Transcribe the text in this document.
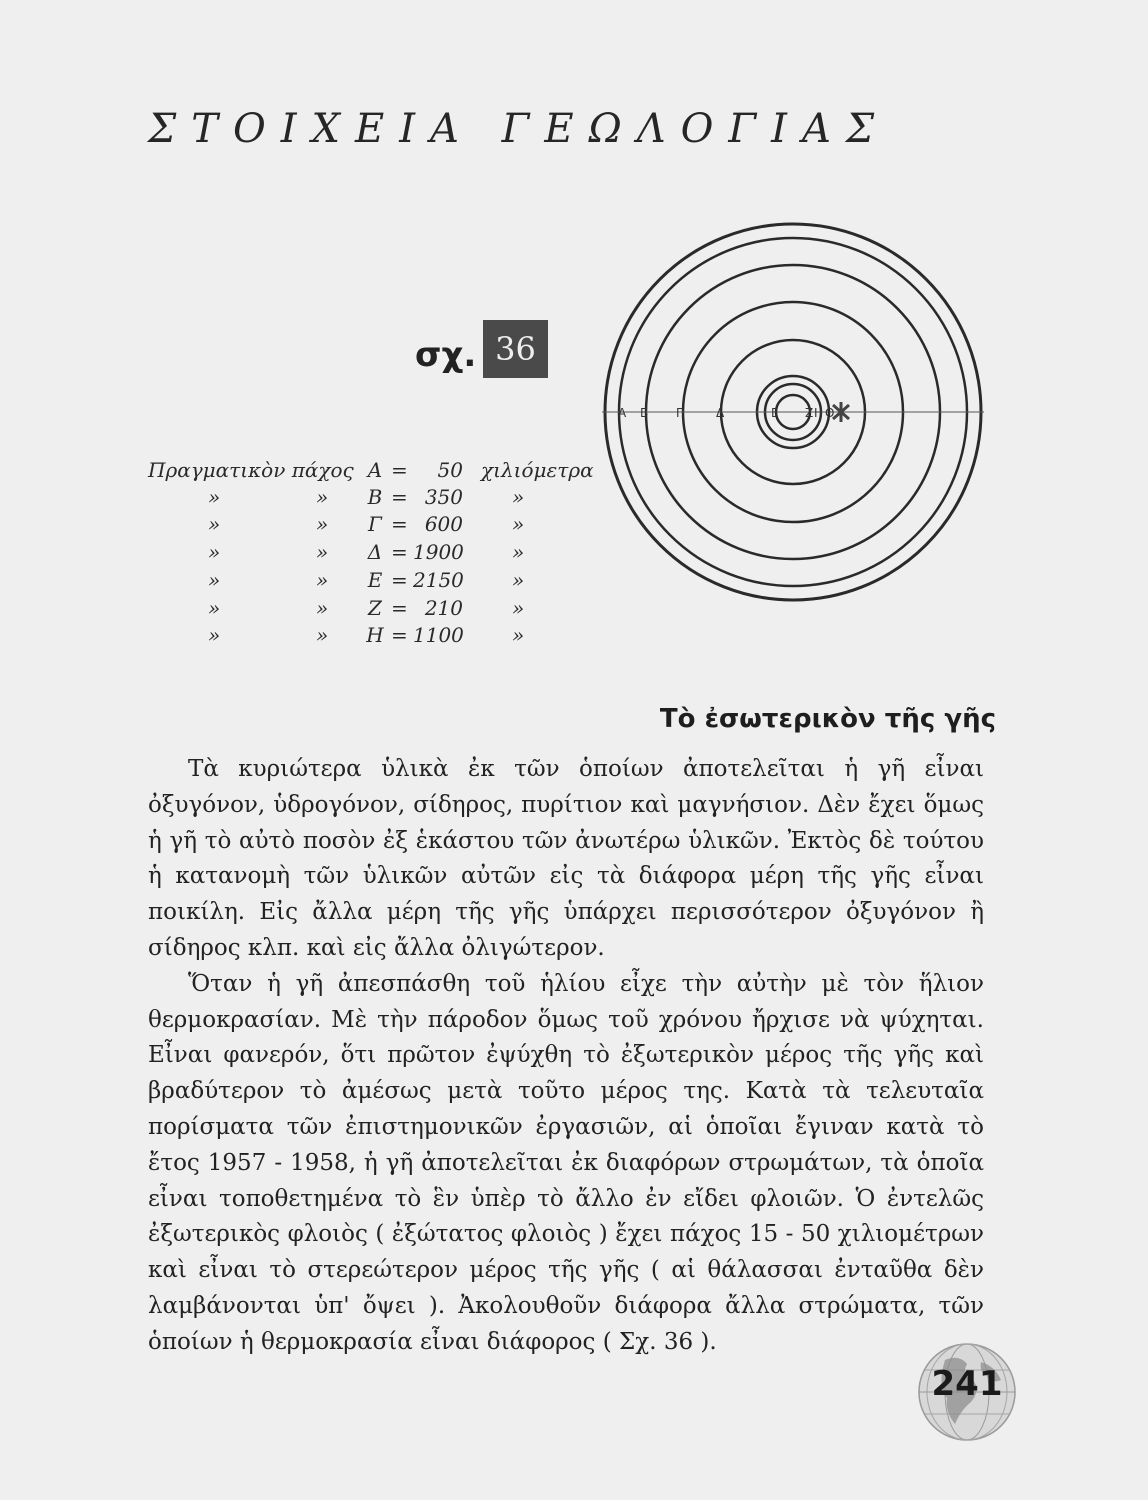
ΣΤΟΙΧΕΙΑ ΓΕΩΛΟΓΙΑΣ
σχ. 36
Α Β Γ	Δ	Ε Ζ Η Θ
Πραγματικὸν πάχος Α =	50 χιλιόμετρα
»	»	Β = 350 »
»	»	Γ = 600 »
»	»	Δ = 1900 »
»	»	Ε = 2150 »
»	»	Ζ = 210 »
»	»	Η = 1100 »
Τὸ ἐσωτερικὸν τῆς γῆς

Τὰ κυριώτερα ὑλικὰ ἐκ τῶν ὁποίων ἀποτελεῖται ἡ γῆ εἶναι ὀξυγόνον, ὑδρογόνον, σίδηρος, πυρίτιον καὶ μαγνήσιον. Δὲν ἔχει ὅμως ἡ γῆ τὸ αὐτὸ ποσὸν ἐξ ἑκάστου τῶν ἀνωτέρω ὑλικῶν. Ἐκτὸς δὲ τούτου ἡ κατανομὴ τῶν ὑλικῶν αὐτῶν εἰς τὰ διάφορα μέρη τῆς γῆς εἶναι ποικίλη. Εἰς ἄλλα μέρη τῆς γῆς ὑπάρχει περισσότερον ὀξυγόνον ἢ σίδηρος κλπ. καὶ εἰς ἄλλα ὀλιγώτερον.

Ὅταν ἡ γῆ ἀπεσπάσθη τοῦ ἡλίου εἶχε τὴν αὐτὴν μὲ τὸν ἥλιον θερμοκρασίαν. Μὲ τὴν πάροδον ὅμως τοῦ χρόνου ἤρχισε νὰ ψύχηται. Εἶναι φανερόν, ὅτι πρῶτον ἐψύχθη τὸ ἐξωτερικὸν μέρος τῆς γῆς καὶ βραδύτερον τὸ ἀμέσως μετὰ τοῦτο μέρος της. Κατὰ τὰ τελευταῖα πορίσματα τῶν ἐπιστημονικῶν ἐργασιῶν, αἱ ὁποῖαι ἔγιναν κατὰ τὸ ἔτος 1957 - 1958, ἡ γῆ ἀποτελεῖται ἐκ διαφόρων στρωμάτων, τὰ ὁποῖα εἶναι τοποθετημένα τὸ ἓν ὑπὲρ τὸ ἄλλο ἐν εἴδει φλοιῶν. Ὁ ἐντελῶς ἐξωτερικὸς φλοιὸς ( ἐξώτατος φλοιὸς ) ἔχει πάχος 15 - 50 χιλιομέτρων καὶ εἶναι τὸ στερεώτερον μέρος τῆς γῆς ( αἱ θάλασσαι ἐνταῦθα δὲν λαμβάνονται ὑπ' ὄψει ). Ἀκολουθοῦν διάφορα ἄλλα στρώματα, τῶν ὁποίων ἡ θερμοκρασία εἶναι διάφορος ( Σχ. 36 ).

241
